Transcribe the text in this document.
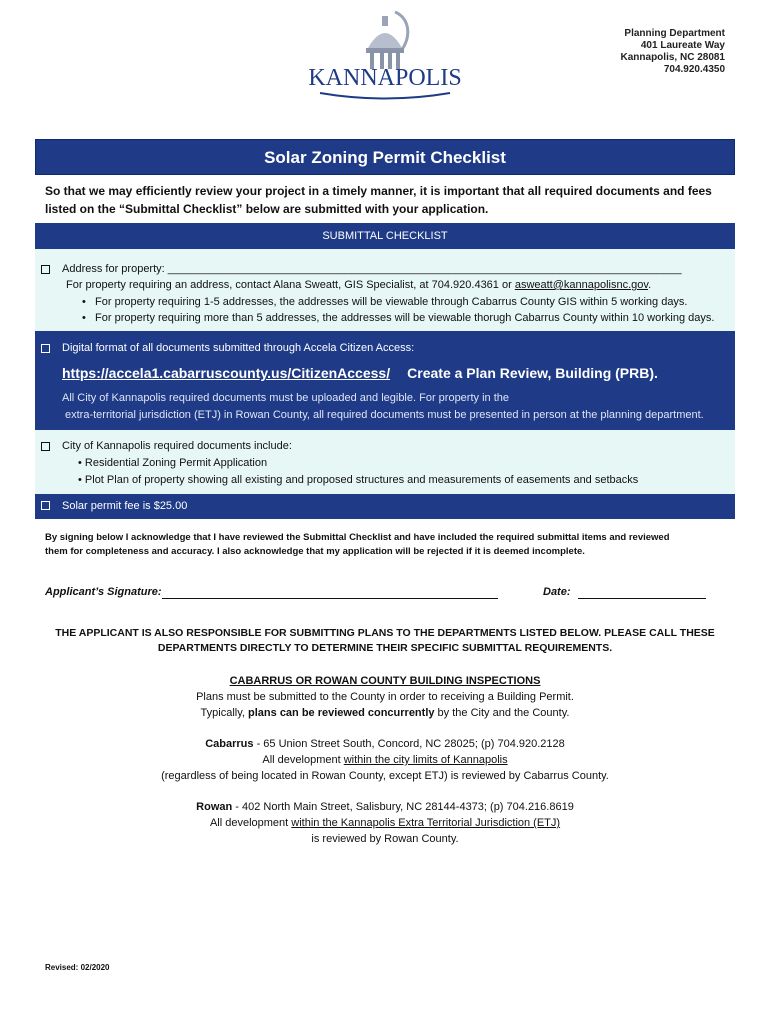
KANNAPOLIS
Planning Department
401 Laureate Way
Kannapolis, NC 28081
704.920.4350
Solar Zoning Permit Checklist
So that we may efficiently review your project in a timely manner, it is important that all required documents and fees
listed on the “Submittal Checklist” below are submitted with your application.
SUBMITTAL CHECKLIST
Address for property: ____________________________________________________________________________________
For property requiring an address, contact Alana Sweatt, GIS Specialist, at 704.920.4361 or asweatt@kannapolisnc.gov.
•   For property requiring 1-5 addresses, the addresses will be viewable through Cabarrus County GIS within 5 working days.
•   For property requiring more than 5 addresses, the addresses will be viewable thorugh Cabarrus County within 10 working days.
Digital format of all documents submitted through Accela Citizen Access:
https://accela1.cabarruscounty.us/CitizenAccess/ Create a Plan Review, Building (PRB).
All City of Kannapolis required documents must be uploaded and legible. For property in the
extra-territorial jurisdiction (ETJ) in Rowan County, all required documents must be presented in person at the planning department.
City of Kannapolis required documents include:
• Residential Zoning Permit Application
• Plot Plan of property showing all existing and proposed structures and measurements of easements and setbacks
Solar permit fee is $25.00
By signing below I acknowledge that I have reviewed the Submittal Checklist and have included the required submittal items and reviewed
them for completeness and accuracy. I also acknowledge that my application will be rejected if it is deemed incomplete.
Applicant’s Signature:	Date:
THE APPLICANT IS ALSO RESPONSIBLE FOR SUBMITTING PLANS TO THE DEPARTMENTS LISTED BELOW. PLEASE CALL THESE
DEPARTMENTS DIRECTLY TO DETERMINE THEIR SPECIFIC SUBMITTAL REQUIREMENTS.
CABARRUS OR ROWAN COUNTY BUILDING INSPECTIONS
Plans must be submitted to the County in order to receiving a Building Permit.
Typically, plans can be reviewed concurrently by the City and the County.
Cabarrus - 65 Union Street South, Concord, NC 28025; (p) 704.920.2128
All development within the city limits of Kannapolis
(regardless of being located in Rowan County, except ETJ) is reviewed by Cabarrus County.
Rowan - 402 North Main Street, Salisbury, NC 28144-4373; (p) 704.216.8619
All development within the Kannapolis Extra Territorial Jurisdiction (ETJ)
is reviewed by Rowan County.
Revised: 02/2020
